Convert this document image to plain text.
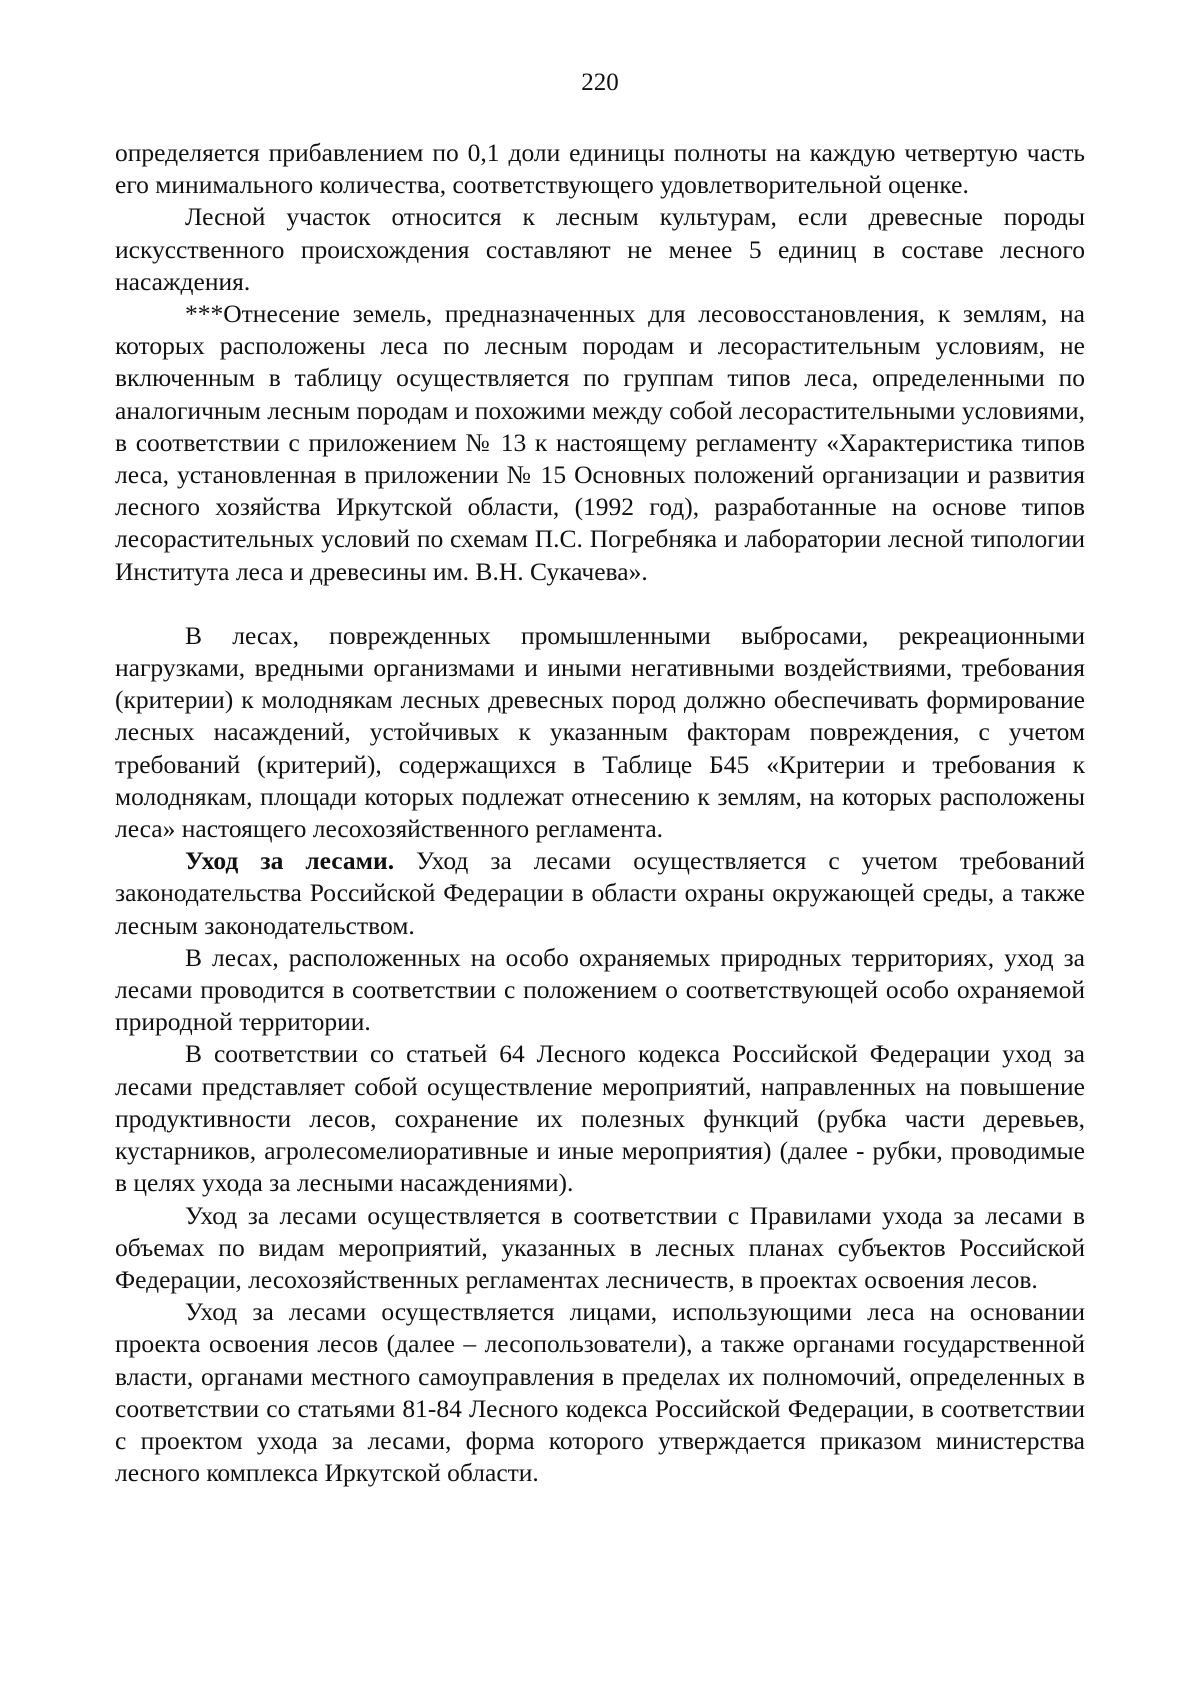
220

определяется прибавлением по 0,1 доли единицы полноты на каждую четвертую часть его минимального количества, соответствующего удовлетворительной оценке.

Лесной участок относится к лесным культурам, если древесные породы искусственного происхождения составляют не менее 5 единиц в составе лесного насаждения.

***Отнесение земель, предназначенных для лесовосстановления, к землям, на которых расположены леса по лесным породам и лесорастительным условиям, не включенным в таблицу осуществляется по группам типов леса, определенными по аналогичным лесным породам и похожими между собой лесорастительными условиями, в соответствии с приложением № 13 к настоящему регламенту «Характеристика типов леса, установленная в приложении № 15 Основных положений организации и развития лесного хозяйства Иркутской области, (1992 год), разработанные на основе типов лесорастительных условий по схемам П.С. Погребняка и лаборатории лесной типологии Института леса и древесины им. В.Н. Сукачева».

В лесах, поврежденных промышленными выбросами, рекреационными нагрузками, вредными организмами и иными негативными воздействиями, требования (критерии) к молоднякам лесных древесных пород должно обеспечивать формирование лесных насаждений, устойчивых к указанным факторам повреждения, с учетом требований (критерий), содержащихся в Таблице Б45 «Критерии и требования к молоднякам, площади которых подлежат отнесению к землям, на которых расположены леса» настоящего лесохозяйственного регламента.

Уход за лесами. Уход за лесами осуществляется с учетом требований законодательства Российской Федерации в области охраны окружающей среды, а также лесным законодательством.

В лесах, расположенных на особо охраняемых природных территориях, уход за лесами проводится в соответствии с положением о соответствующей особо охраняемой природной территории.

В соответствии со статьей 64 Лесного кодекса Российской Федерации уход за лесами представляет собой осуществление мероприятий, направленных на повышение продуктивности лесов, сохранение их полезных функций (рубка части деревьев, кустарников, агролесомелиоративные и иные мероприятия) (далее - рубки, проводимые в целях ухода за лесными насаждениями).

Уход за лесами осуществляется в соответствии с Правилами ухода за лесами в объемах по видам мероприятий, указанных в лесных планах субъектов Российской Федерации, лесохозяйственных регламентах лесничеств, в проектах освоения лесов.

Уход за лесами осуществляется лицами, использующими леса на основании проекта освоения лесов (далее – лесопользователи), а также органами государственной власти, органами местного самоуправления в пределах их полномочий, определенных в соответствии со статьями 81-84 Лесного кодекса Российской Федерации, в соответствии с проектом ухода за лесами, форма которого утверждается приказом министерства лесного комплекса Иркутской области.
